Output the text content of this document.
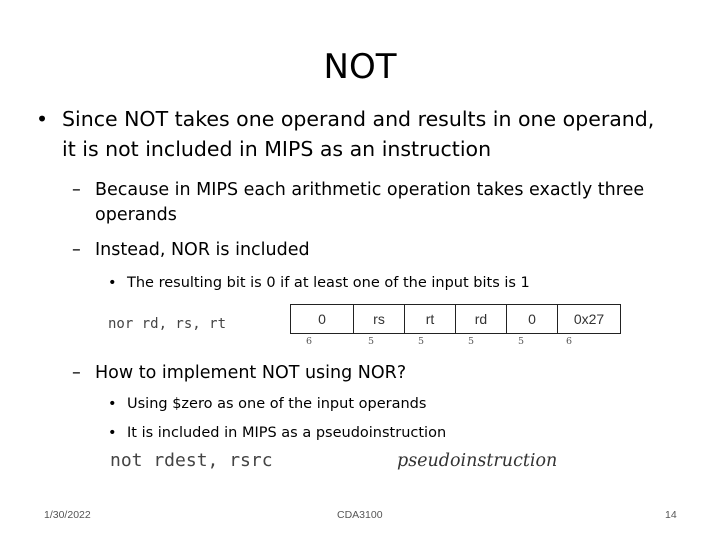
NOT
• Since NOT takes one operand and results in one operand, it is not included in MIPS as an instruction
– Because in MIPS each arithmetic operation takes exactly three operands
– Instead, NOR is included
• The resulting bit is 0 if at least one of the input bits is 1
nor rd, rs, rt	0	rs	rt	rd	0	0x27
6	5	5	5	5	6
– How to implement NOT using NOR?
• Using $zero as one of the input operands
• It is included in MIPS as a pseudoinstruction
not rdest, rsrc	pseudoinstruction
1/30/2022	CDA3100	14
